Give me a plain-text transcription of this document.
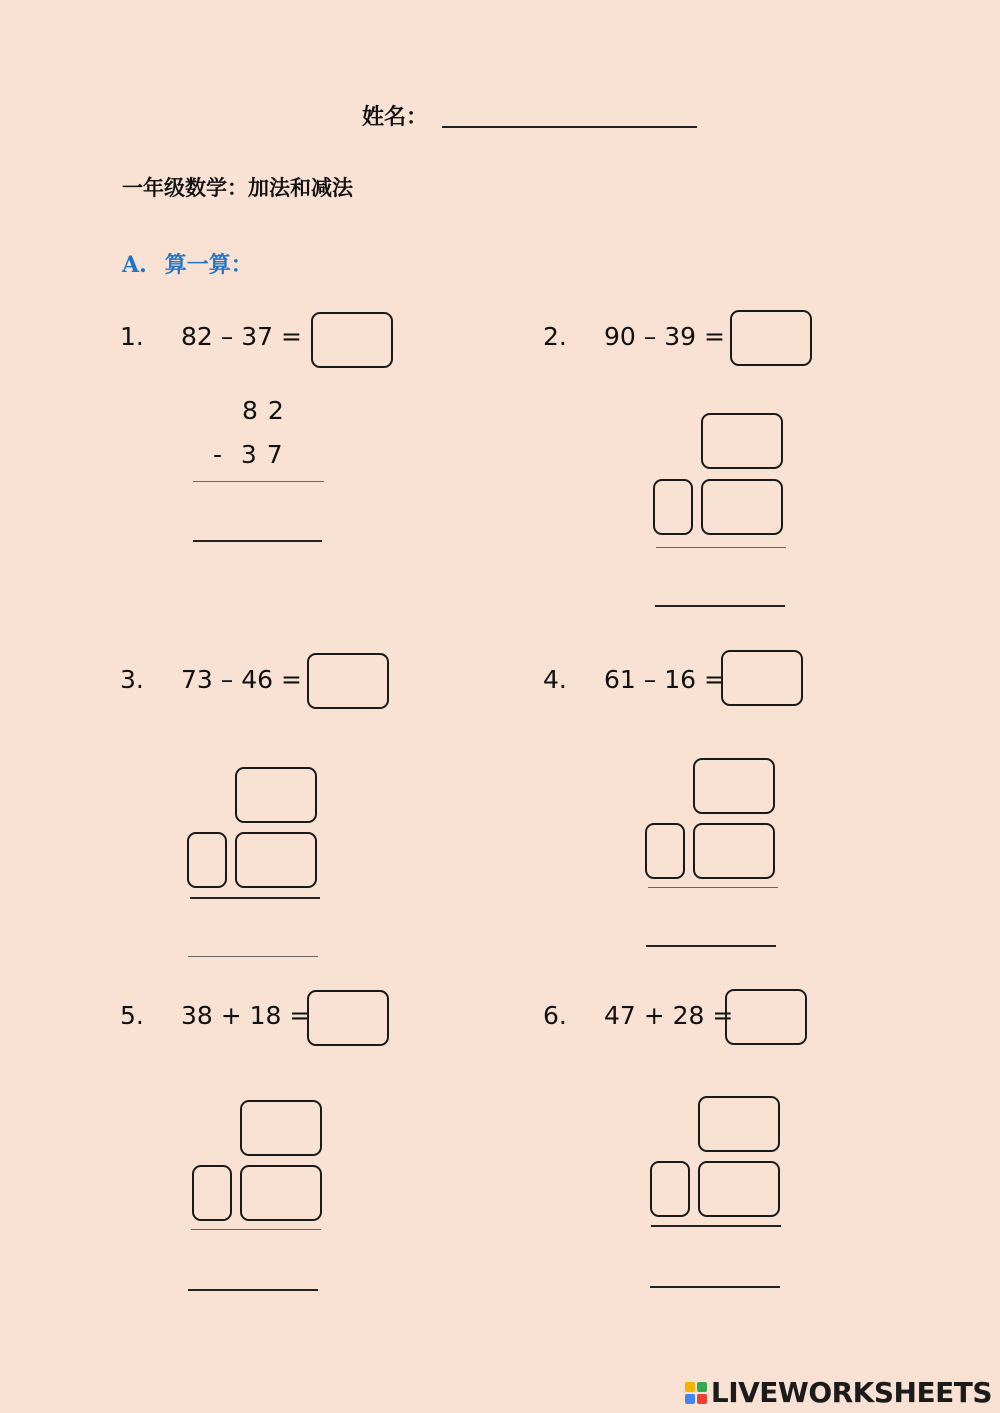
姓名：
一年级数学：加法和减法
A. 算一算：
1. 82 – 37 =
8 2
-  3 7
2. 90 – 39 =
3. 73 – 46 =	4. 61 – 16 =
5. 38 + 18 =	6. 47 + 28 =
LIVEWORKSHEETS
